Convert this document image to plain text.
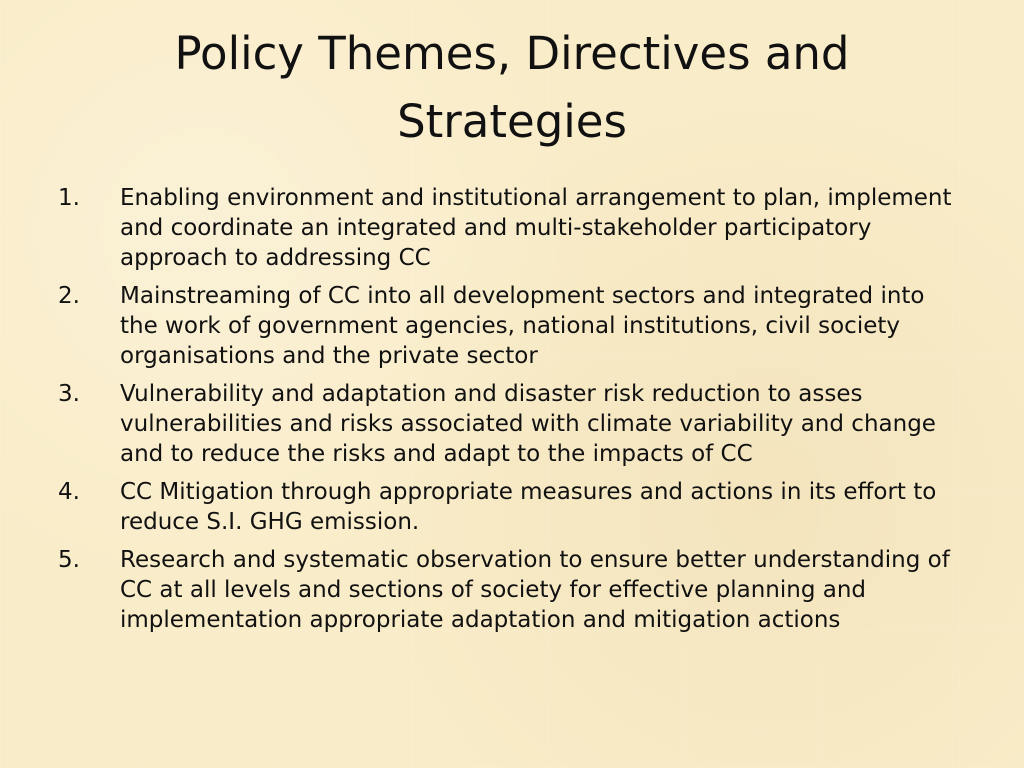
Policy Themes, Directives and Strategies
1.	Enabling environment and institutional arrangement to plan, implement and coordinate an integrated and multi-stakeholder participatory approach to addressing CC
2.	Mainstreaming of CC into all development sectors and integrated into the work of government agencies, national institutions, civil society organisations and the private sector
3.	Vulnerability and adaptation and disaster risk reduction to asses vulnerabilities and risks associated with climate variability and change and to reduce the risks and adapt to the impacts of CC
4.	CC Mitigation through appropriate measures and actions in its effort to reduce S.I. GHG emission.
5.	Research and systematic observation to ensure better understanding of CC at all levels and sections of society for effective planning and implementation appropriate adaptation and mitigation actions
